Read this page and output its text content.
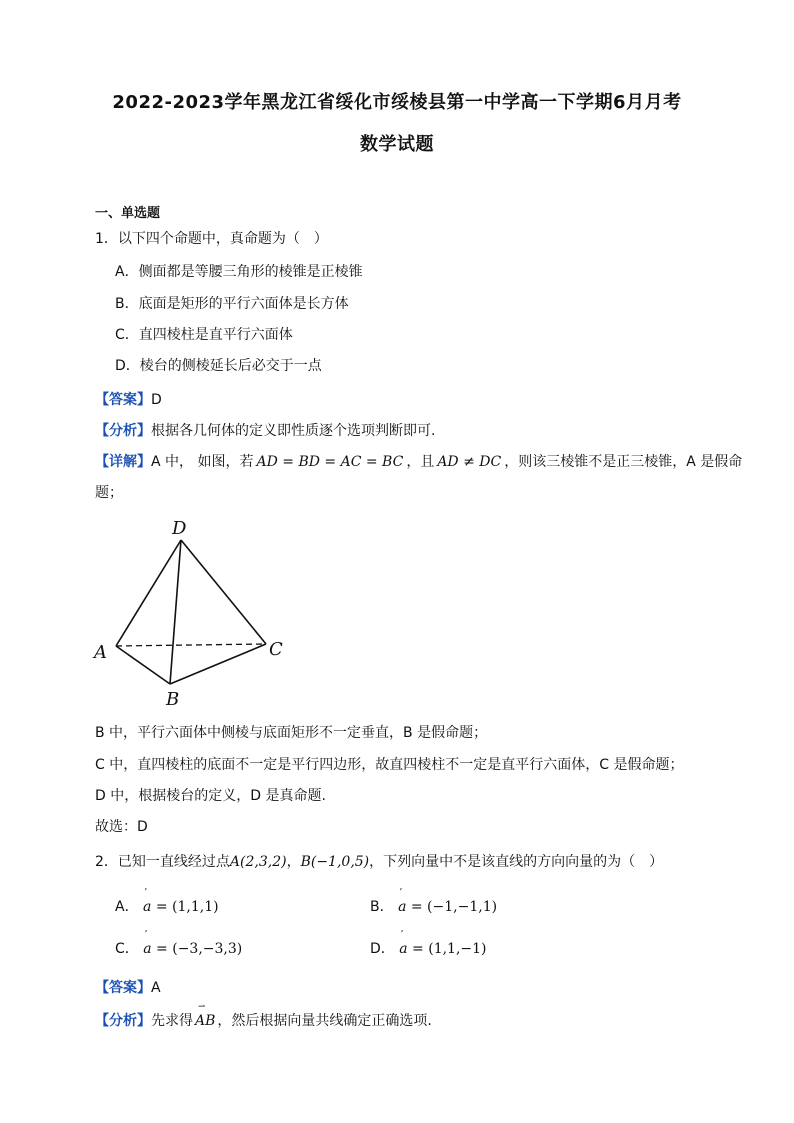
2022-2023学年黑龙江省绥化市绥棱县第一中学高一下学期6月月考
数学试题
一、单选题
1．以下四个命题中，真命题为（　）
A．侧面都是等腰三角形的棱锥是正棱锥
B．底面是矩形的平行六面体是长方体
C．直四棱柱是直平行六面体
D．棱台的侧棱延长后必交于一点
【答案】D
【分析】根据各几何体的定义即性质逐个选项判断即可.
【详解】A 中， 如图，若 AD = BD = AC = BC ，且 AD ≠ DC ，则该三棱锥不是正三棱锥，A 是假命
题；
D
A
B
C
B 中，平行六面体中侧棱与底面矩形不一定垂直，B 是假命题；
C 中，直四棱柱的底面不一定是平行四边形，故直四棱柱不一定是直平行六面体，C 是假命题；
D 中，根据棱台的定义，D 是真命题.
故选：D
2．已知一直线经过点A(2,3,2)，B(−1,0,5)，下列向量中不是该直线的方向向量的为（　）
A．
ʼ
a = (1,1,1)	B．
ʼ
a = (−1,−1,1)
C．
ʼ
a = (−3,−3,3)	D．
ʼ
a = (1,1,−1)
【答案】A
【分析】先求得
⇀
AB ，然后根据向量共线确定正确选项.
